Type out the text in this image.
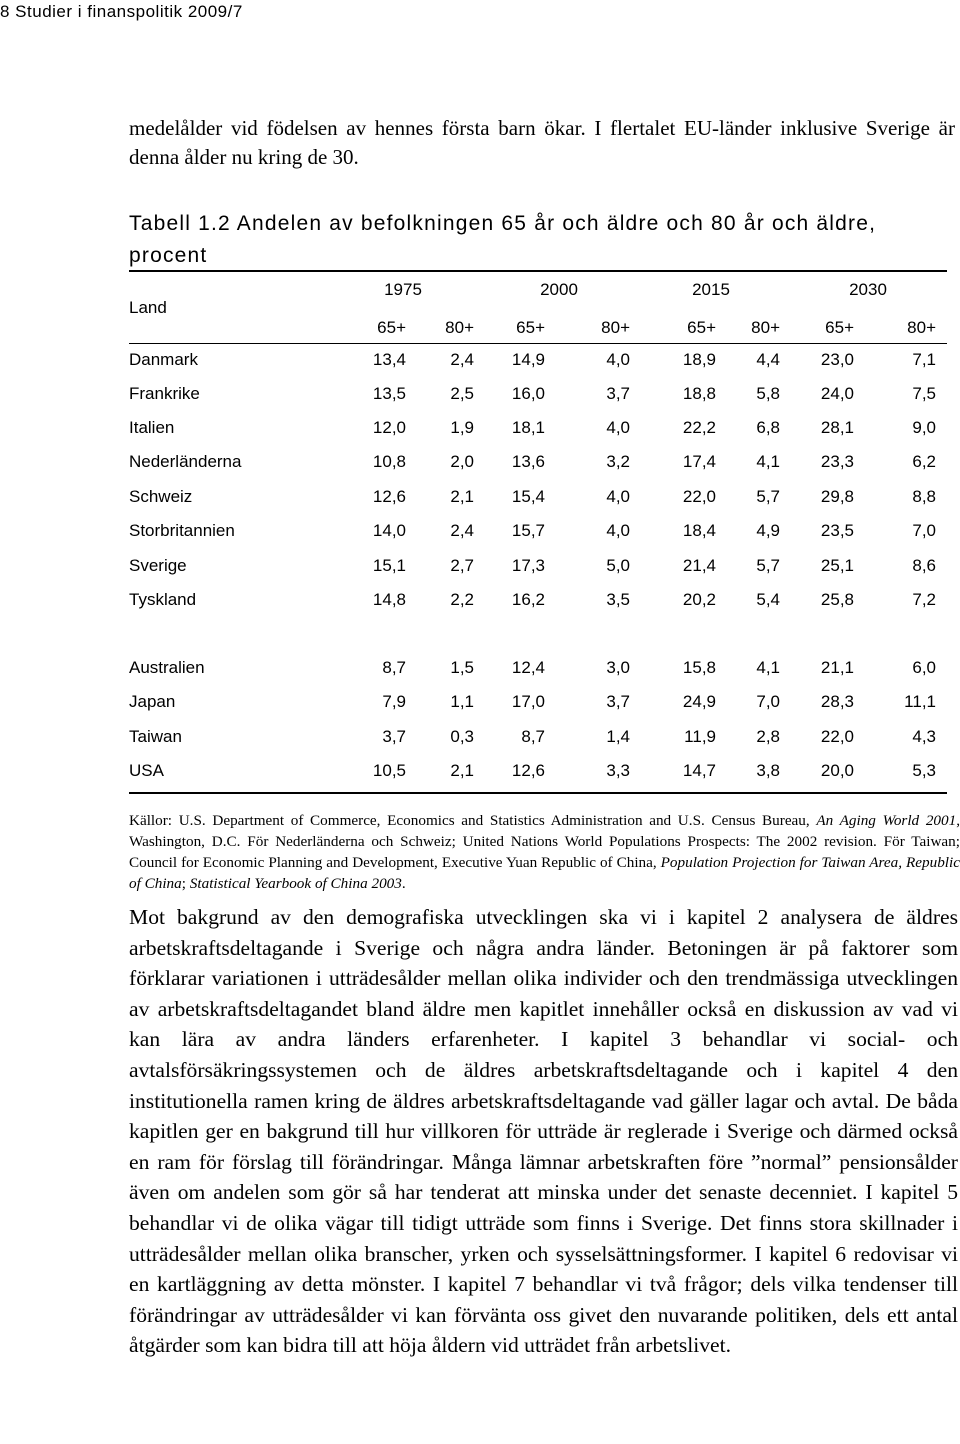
8 Studier i finanspolitik 2009/7
medelålder vid födelsen av hennes första barn ökar. I flertalet EU-länder inklusive Sverige är denna ålder nu kring de 30.
Tabell 1.2 Andelen av befolkningen 65 år och äldre och 80 år och äldre, procent
Land
1975	2000	2015	2030
65+	80+	65+	80+	65+	80+	65+	80+
Danmark	13,4	2,4	14,9	4,0	18,9	4,4	23,0	7,1
Frankrike	13,5	2,5	16,0	3,7	18,8	5,8	24,0	7,5
Italien	12,0	1,9	18,1	4,0	22,2	6,8	28,1	9,0
Nederländerna	10,8	2,0	13,6	3,2	17,4	4,1	23,3	6,2
Schweiz	12,6	2,1	15,4	4,0	22,0	5,7	29,8	8,8
Storbritannien	14,0	2,4	15,7	4,0	18,4	4,9	23,5	7,0
Sverige	15,1	2,7	17,3	5,0	21,4	5,7	25,1	8,6
Tyskland	14,8	2,2	16,2	3,5	20,2	5,4	25,8	7,2
Australien	8,7	1,5	12,4	3,0	15,8	4,1	21,1	6,0
Japan	7,9	1,1	17,0	3,7	24,9	7,0	28,3	11,1
Taiwan	3,7	0,3	8,7	1,4	11,9	2,8	22,0	4,3
USA	10,5	2,1	12,6	3,3	14,7	3,8	20,0	5,3
Källor: U.S. Department of Commerce, Economics and Statistics Administration and U.S. Census Bureau, An Aging World 2001, Washington, D.C. För Nederländerna och Schweiz; United Nations World Populations Prospects: The 2002 revision. För Taiwan; Council for Economic Planning and Development, Executive Yuan Republic of China, Population Projection for Taiwan Area, Republic of China; Statistical Yearbook of China 2003.
Mot bakgrund av den demografiska utvecklingen ska vi i kapitel 2 analysera de äldres arbetskraftsdeltagande i Sverige och några andra länder. Betoningen är på faktorer som förklarar variationen i utträdesålder mellan olika individer och den trendmässiga utvecklingen av arbetskraftsdeltagandet bland äldre men kapitlet innehåller också en diskussion av vad vi kan lära av andra länders erfarenheter. I kapitel 3 behandlar vi social- och avtalsförsäkringssystemen och de äldres arbetskraftsdeltagande och i kapitel 4 den institutionella ramen kring de äldres arbetskraftsdeltagande vad gäller lagar och avtal. De båda kapitlen ger en bakgrund till hur villkoren för utträde är reglerade i Sverige och därmed också en ram för förslag till förändringar. Många lämnar arbetskraften före ”normal” pensionsålder även om andelen som gör så har tenderat att minska under det senaste decenniet. I kapitel 5 behandlar vi de olika vägar till tidigt utträde som finns i Sverige. Det finns stora skillnader i utträdesålder mellan olika branscher, yrken och sysselsättningsformer. I kapitel 6 redovisar vi en kartläggning av detta mönster. I kapitel 7 behandlar vi två frågor; dels vilka tendenser till förändringar av utträdesålder vi kan förvänta oss givet den nuvarande politiken, dels ett antal åtgärder som kan bidra till att höja åldern vid utträdet från arbetslivet.
